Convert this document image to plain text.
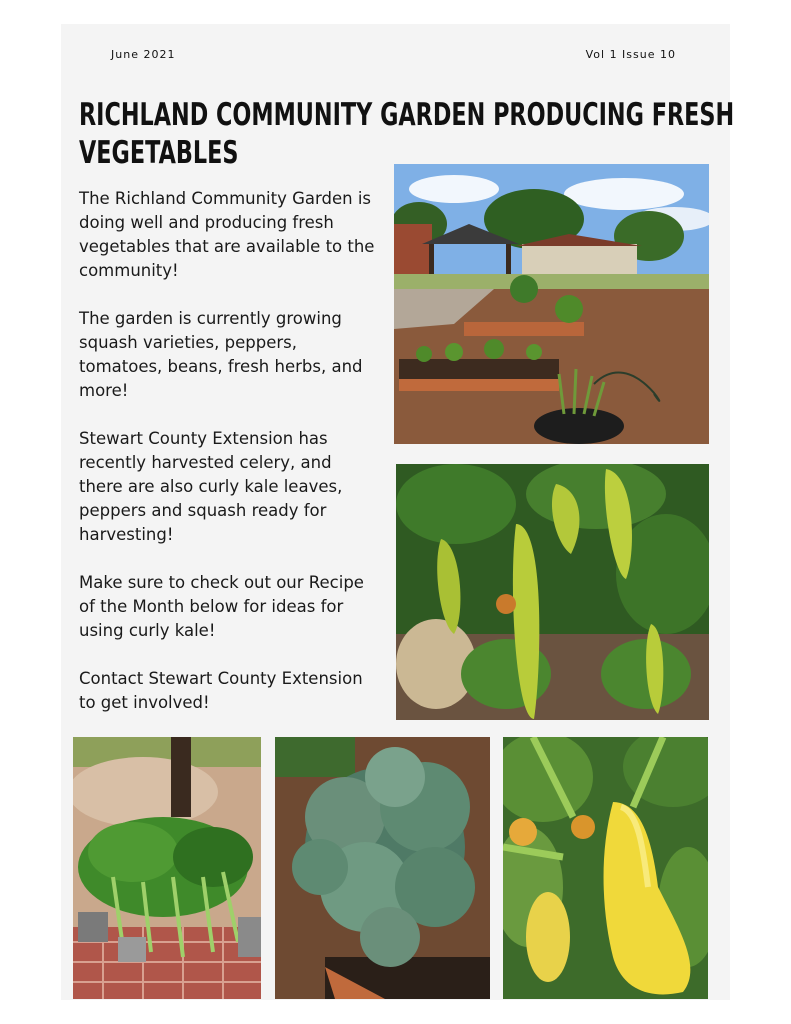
June 2021	Vol 1 Issue 10
RICHLAND COMMUNITY GARDEN PRODUCING FRESH
VEGETABLES

The Richland Community Garden is doing well and producing fresh vegetables that are available to the community!

The garden is currently growing squash varieties, peppers, tomatoes, beans, fresh herbs, and more!

Stewart County Extension has recently harvested celery, and there are also curly kale leaves, peppers and squash ready for harvesting!

Make sure to check out our Recipe of the Month below for ideas for using curly kale!

Contact Stewart County Extension to get involved!
